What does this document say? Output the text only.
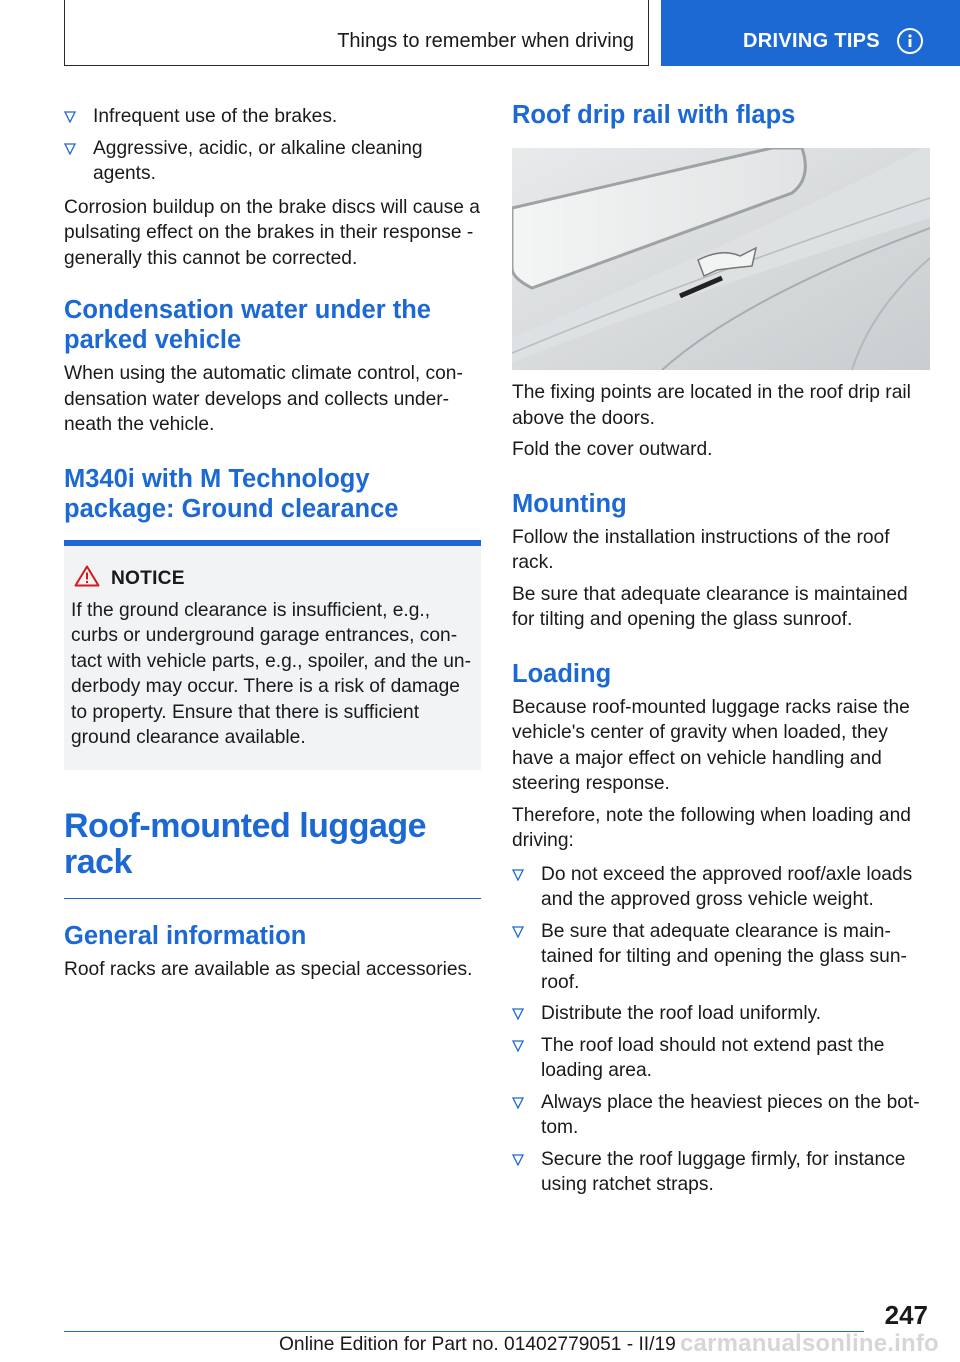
Things to remember when driving	DRIVING TIPS
Infrequent use of the brakes.
Aggressive, acidic, or alkaline cleaning agents.
Corrosion buildup on the brake discs will cause a pulsating effect on the brakes in their response - generally this cannot be corrected.
Condensation water under the
parked vehicle
When using the automatic climate control, con-densation water develops and collects under-neath the vehicle.
M340i with M Technology
package: Ground clearance
NOTICE
If the ground clearance is insufficient, e.g., curbs or underground garage entrances, con-tact with vehicle parts, e.g., spoiler, and the un-derbody may occur. There is a risk of damage to property. Ensure that there is sufficient ground clearance available.
Roof-mounted luggage
rack
General information
Roof racks are available as special accessories.
Roof drip rail with flaps
The fixing points are located in the roof drip rail above the doors.
Fold the cover outward.
Mounting
Follow the installation instructions of the roof rack.
Be sure that adequate clearance is maintained for tilting and opening the glass sunroof.
Loading
Because roof-mounted luggage racks raise the vehicle's center of gravity when loaded, they have a major effect on vehicle handling and steering response.
Therefore, note the following when loading and driving:
Do not exceed the approved roof/axle loads and the approved gross vehicle weight.
Be sure that adequate clearance is main-tained for tilting and opening the glass sun-roof.
Distribute the roof load uniformly.
The roof load should not extend past the loading area.
Always place the heaviest pieces on the bot-tom.
Secure the roof luggage firmly, for instance using ratchet straps.
247
Online Edition for Part no. 01402779051 - II/19 carmanualsonline.info
